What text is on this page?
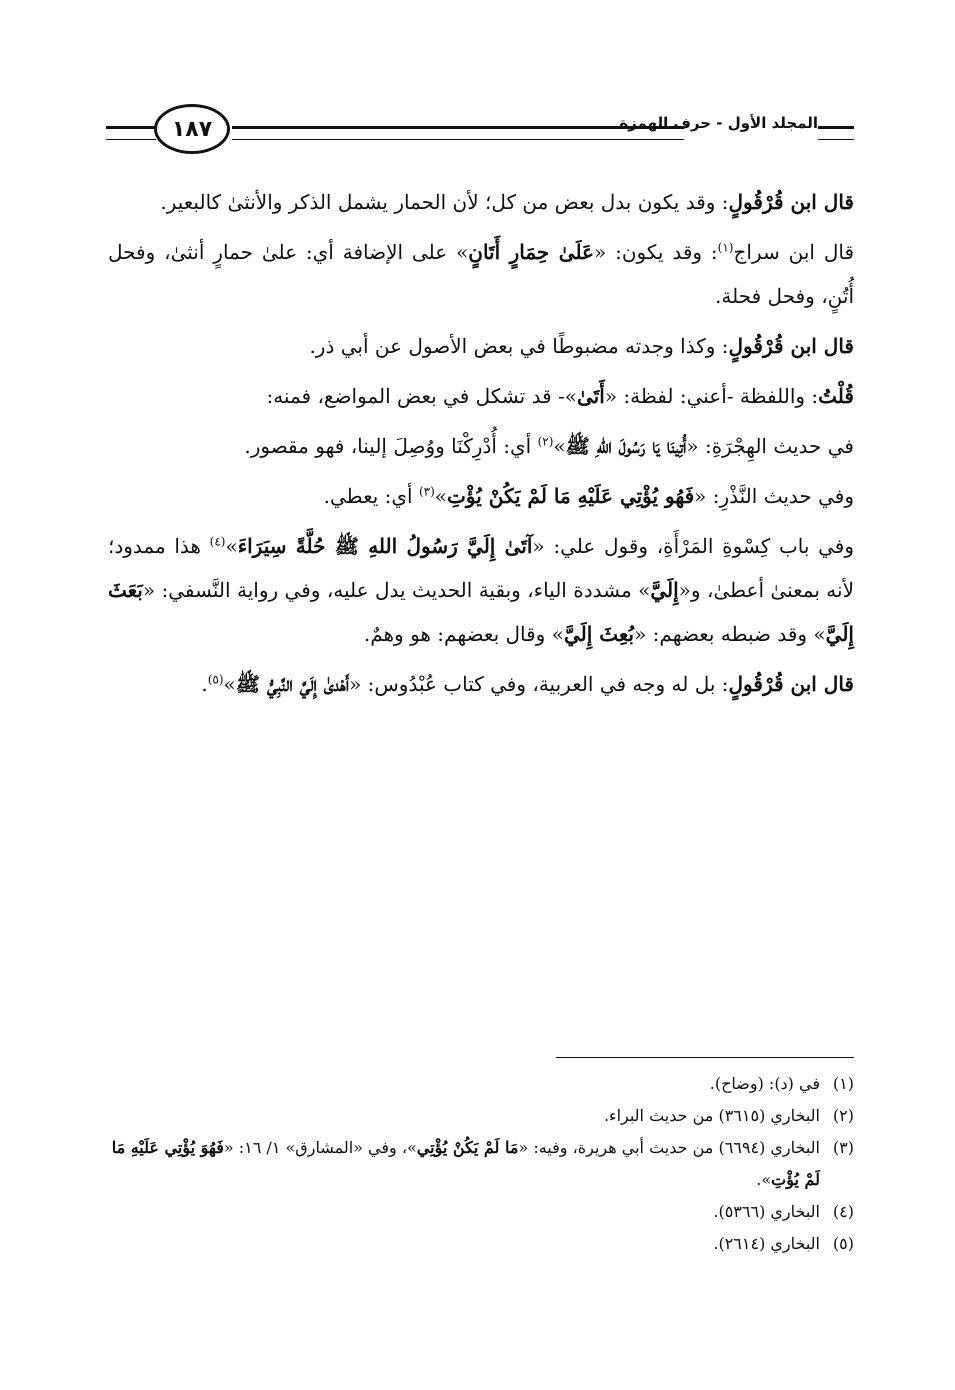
١٨٧	المجلد الأول - حرف الهمزة

قال ابن قُرْقُولٍ: وقد يكون بدل بعض من كل؛ لأن الحمار يشمل الذكر والأنثىٰ كالبعير.

قال ابن سراج$^{(١)}$: وقد يكون: «عَلَىٰ حِمَارٍ أَتَانٍ» على الإضافة أي: علىٰ حمارٍ أنثىٰ، وفحل أُتُنٍ، وفحل فحلة.

قال ابن قُرْقُولٍ: وكذا وجدته مضبوطًا في بعض الأصول عن أبي ذر.

قُلْتُ: واللفظة -أعني: لفظة: «أَتَىٰ»- قد تشكل في بعض المواضع، فمنه:

في حديث الهِجْرَةِ: «أُتِينَا يَا رَسُولَ اللهِ ﷺ»$^{(٢)}$ أي: أُدْرِكْنَا ووُصِلَ إلينا، فهو مقصور.

وفي حديث النَّذْرِ: «فَهُو يُؤْتِي عَلَيْهِ مَا لَمْ يَكُنْ يُؤْتِ»$^{(٣)}$ أي: يعطي.

وفي باب كِسْوةِ المَرْأَةِ، وقول علي: «آتَىٰ إِلَيَّ رَسُولُ اللهِ ﷺ حُلَّةً سِيَرَاءَ»$^{(٤)}$ هذا ممدود؛ لأنه بمعنىٰ أعطىٰ، و«إِلَيَّ» مشددة الياء، وبقية الحديث يدل عليه، وفي رواية النَّسفي: «بَعَثَ إِلَيَّ» وقد ضبطه بعضهم: «بُعِثَ إِلَيَّ» وقال بعضهم: هو وهمٌ.

قال ابن قُرْقُولٍ: بل له وجه في العربية، وفي كتاب عُبْدُوس: «أَهْدىٰ إِلَيَّ النَّبِيُّ ﷺ»$^{(٥)}$.

(١)
في (د): (وضاح).
(٢)
البخاري (٣٦١٥) من حديث البراء.
(٣)
البخاري (٦٦٩٤) من حديث أبي هريرة، وفيه: «مَا لَمْ يَكُنْ يُؤْتِي»، وفي «المشارق» ١/ ١٦: «فَهُوَ يُؤْتِي عَلَيْهِ مَا لَمْ يُؤْتِ».
(٤)
البخاري (٥٣٦٦).
(٥)
البخاري (٢٦١٤).
